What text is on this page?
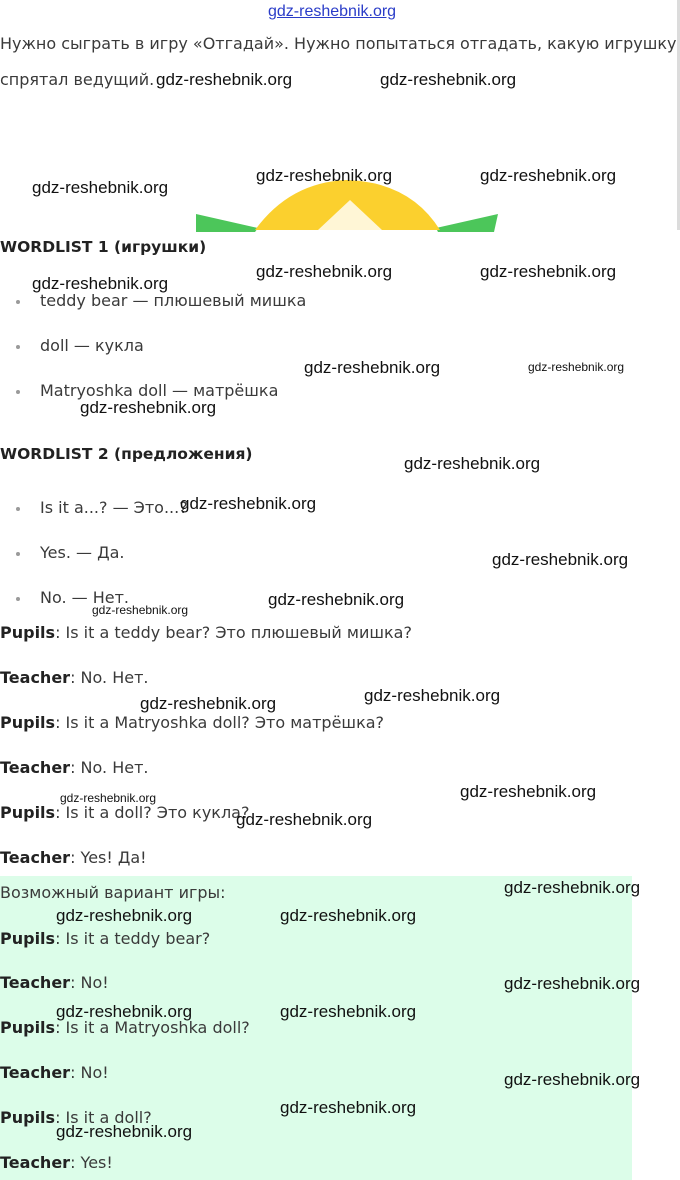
gdz-reshebnik.org
Нужно сыграть в игру «Отгадай». Нужно попытаться отгадать, какую игрушку
спрятал ведущий.
WORDLIST 1 (игрушки)
teddy bear — плюшевый мишка
doll — кукла
Matryoshka doll — матрёшка
WORDLIST 2 (предложения)
Is it a...? — Это...?
Yes. — Да.
No. — Нет.
Pupils: Is it a teddy bear? Это плюшевый мишка?
Teacher: No. Нет.
Pupils: Is it a Matryoshka doll? Это матрёшка?
Teacher: No. Нет.
Pupils: Is it a doll? Это кукла?
Teacher: Yes! Да!
Возможный вариант игры:
Pupils: Is it a teddy bear?
Teacher: No!
Pupils: Is it a Matryoshka doll?
Teacher: No!
Pupils: Is it a doll?
Teacher: Yes!
gdz-reshebnik.org	gdz-reshebnik.org
gdz-reshebnik.org
gdz-reshebnik.org	gdz-reshebnik.org
gdz-reshebnik.org
gdz-reshebnik.org	gdz-reshebnik.org
gdz-reshebnik.org	gdz-reshebnik.org
gdz-reshebnik.org
gdz-reshebnik.org
gdz-reshebnik.org
gdz-reshebnik.org
gdz-reshebnik.org
gdz-reshebnik.org
gdz-reshebnik.org	gdz-reshebnik.org
gdz-reshebnik.org
gdz-reshebnik.org
gdz-reshebnik.org
gdz-reshebnik.org
gdz-reshebnik.org	gdz-reshebnik.org
gdz-reshebnik.org
gdz-reshebnik.org	gdz-reshebnik.org
gdz-reshebnik.org
gdz-reshebnik.org
gdz-reshebnik.org
